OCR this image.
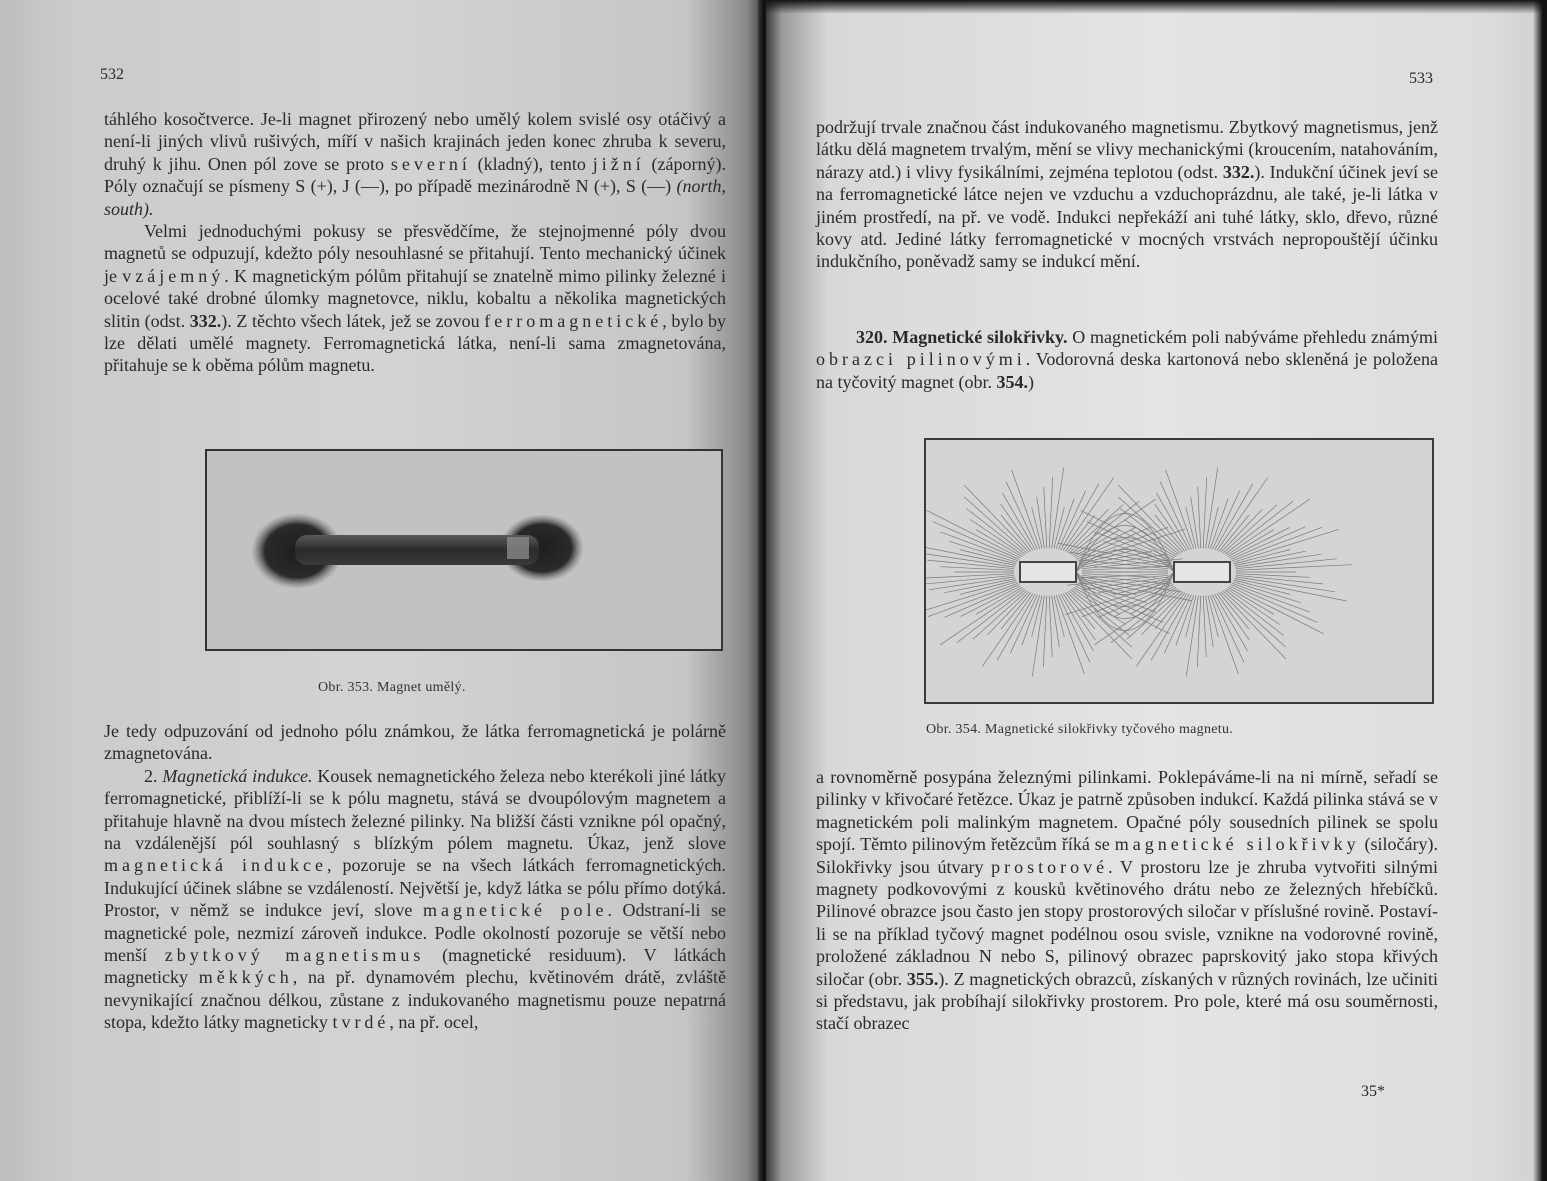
532

táhlého kosočtverce. Je-li magnet přirozený nebo umělý kolem svislé osy otáčivý a není-li jiných vlivů rušivých, míří v našich krajinách jeden konec zhruba k severu, druhý k jihu. Onen pól zove se proto severní (kladný), tento jižní (záporný). Póly označují se písmeny S (+), J (—), po případě mezinárodně N (+), S (—) (north, south).
Velmi jednoduchými pokusy se přesvědčíme, že stejnojmenné póly dvou magnetů se odpuzují, kdežto póly nesouhlasné se přitahují. Tento mechanický účinek je vzájemný. K magnetickým pólům přitahují se znatelně mimo pilinky železné i ocelové také drobné úlomky magnetovce, niklu, kobaltu a několika magnetických slitin (odst. 332.). Z těchto všech látek, jež se zovou ferromagnetické, bylo by lze dělati umělé magnety. Ferromagnetická látka, není-li sama zmagnetována, přitahuje se k oběma pólům magnetu.

Obr. 353. Magnet umělý.

Je tedy odpuzování od jednoho pólu známkou, že látka ferromagnetická je polárně zmagnetována.
2. Magnetická indukce. Kousek nemagnetického železa nebo kterékoli jiné látky ferromagnetické, přiblíží-li se k pólu magnetu, stává se dvoupólovým magnetem a přitahuje hlavně na dvou místech železné pilinky. Na bližší části vznikne pól opačný, na vzdálenější pól souhlasný s blízkým pólem magnetu. Úkaz, jenž slove magnetická indukce, pozoruje se na všech látkách ferromagnetických. Indukující účinek slábne se vzdáleností. Největší je, když látka se pólu přímo dotýká. Prostor, v němž se indukce jeví, slove magnetické pole. Odstraní-li se magnetické pole, nezmizí zároveň indukce. Podle okolností pozoruje se větší nebo menší zbytkový magnetismus (magnetické residuum). V látkách magneticky měkkých, na př. dynamovém plechu, květinovém drátě, zvláště nevynikající značnou délkou, zůstane z indukovaného magnetismu pouze nepatrná stopa, kdežto látky magneticky tvrdé, na př. ocel,

533

podržují trvale značnou část indukovaného magnetismu. Zbytkový magnetismus, jenž látku dělá magnetem trvalým, mění se vlivy mechanickými (kroucením, natahováním, nárazy atd.) i vlivy fysikálními, zejména teplotou (odst. 332.). Indukční účinek jeví se na ferromagnetické látce nejen ve vzduchu a vzduchoprázdnu, ale také, je-li látka v jiném prostředí, na př. ve vodě. Indukci nepřekáží ani tuhé látky, sklo, dřevo, různé kovy atd. Jediné látky ferromagnetické v mocných vrstvách nepropouštějí účinku indukčního, poněvadž samy se indukcí mění.

320. Magnetické silokřivky. O magnetickém poli nabýváme přehledu známými obrazci pilinovými. Vodorovná deska kartonová nebo skleněná je položena na tyčovitý magnet (obr. 354.)

Obr. 354. Magnetické silokřivky tyčového magnetu.

a rovnoměrně posypána železnými pilinkami. Poklepáváme-li na ni mírně, seřadí se pilinky v křivočaré řetězce. Úkaz je patrně způsoben indukcí. Každá pilinka stává se v magnetickém poli malinkým magnetem. Opačné póly sousedních pilinek se spolu spojí. Těmto pilinovým řetězcům říká se magnetické silokřivky (siločáry). Silokřivky jsou útvary prostorové. V prostoru lze je zhruba vytvořiti silnými magnety podkovovými z kousků květinového drátu nebo ze železných hřebíčků. Pilinové obrazce jsou často jen stopy prostorových siločar v příslušné rovině. Postaví-li se na příklad tyčový magnet podélnou osou svisle, vznikne na vodorovné rovině, proložené základnou N nebo S, pilinový obrazec paprskovitý jako stopa křivých siločar (obr. 355.). Z magnetických obrazců, získaných v různých rovinách, lze učiniti si představu, jak probíhají silokřivky prostorem. Pro pole, které má osu souměrnosti, stačí obrazec

35*
